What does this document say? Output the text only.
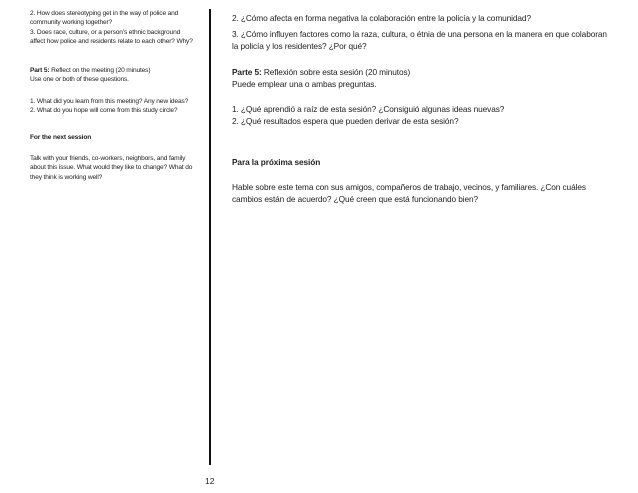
2. How does stereotyping get in the way of police and
community working together?
3. Does race, culture, or a person’s ethnic background
affect how police and residents relate to each other? Why?
Part 5: Reflect on the meeting (20 minutes)
Use one or both of these questions.
1. What did you learn from this meeting? Any new ideas?
2. What do you hope will come from this study circle?
For the next session
Talk with your friends, co-workers, neighbors, and family
about this issue. What would they like to change? What do
they think is working well?
2. ¿Cómo afecta en forma negativa la colaboración entre la policía y la comunidad?
3. ¿Cómo influyen factores como la raza, cultura, o étnia de una persona en la manera en que colaboran
la policía y los residentes? ¿Por qué?
Parte 5: Reflexión sobre esta sesión (20 minutos)
Puede emplear una o ambas preguntas.
1. ¿Qué aprendió a raíz de esta sesión? ¿Consiguió algunas ideas nuevas?
2. ¿Qué resultados espera que pueden derivar de esta sesión?
Para la próxima sesión
Hable sobre este tema con sus amigos, compañeros de trabajo, vecinos, y familiares. ¿Con cuáles
cambios están de acuerdo? ¿Qué creen que está funcionando bien?
12
